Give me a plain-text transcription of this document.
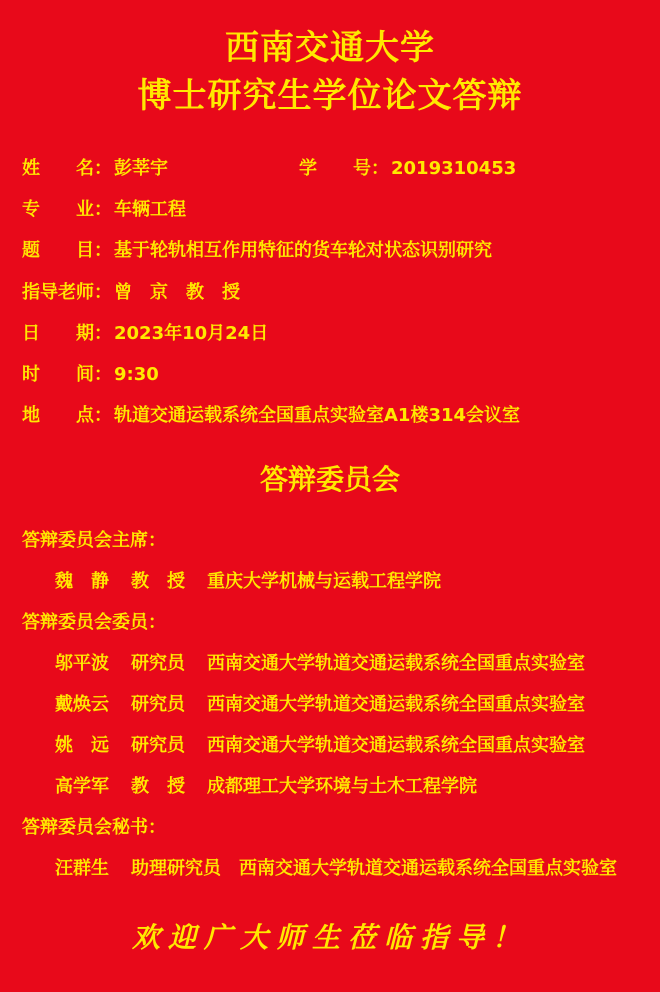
西南交通大学
博士研究生学位论文答辩
姓　　名： 彭莘宇	学　　号： 2019310453
专　　业： 车辆工程
题　　目： 基于轮轨相互作用特征的货车轮对状态识别研究
指导老师： 曾　京　教　授
日　　期： 2023年10月24日
时　　间： 9:30
地　　点： 轨道交通运载系统全国重点实验室A1楼314会议室
答辩委员会
答辩委员会主席：
魏　静 教　授 重庆大学机械与运载工程学院
答辩委员会委员：
邬平波 研究员 西南交通大学轨道交通运载系统全国重点实验室
戴焕云 研究员 西南交通大学轨道交通运载系统全国重点实验室
姚　远 研究员 西南交通大学轨道交通运载系统全国重点实验室
高学军 教　授 成都理工大学环境与土木工程学院
答辩委员会秘书：
汪群生 助理研究员 西南交通大学轨道交通运载系统全国重点实验室
欢迎广大师生莅临指导！
